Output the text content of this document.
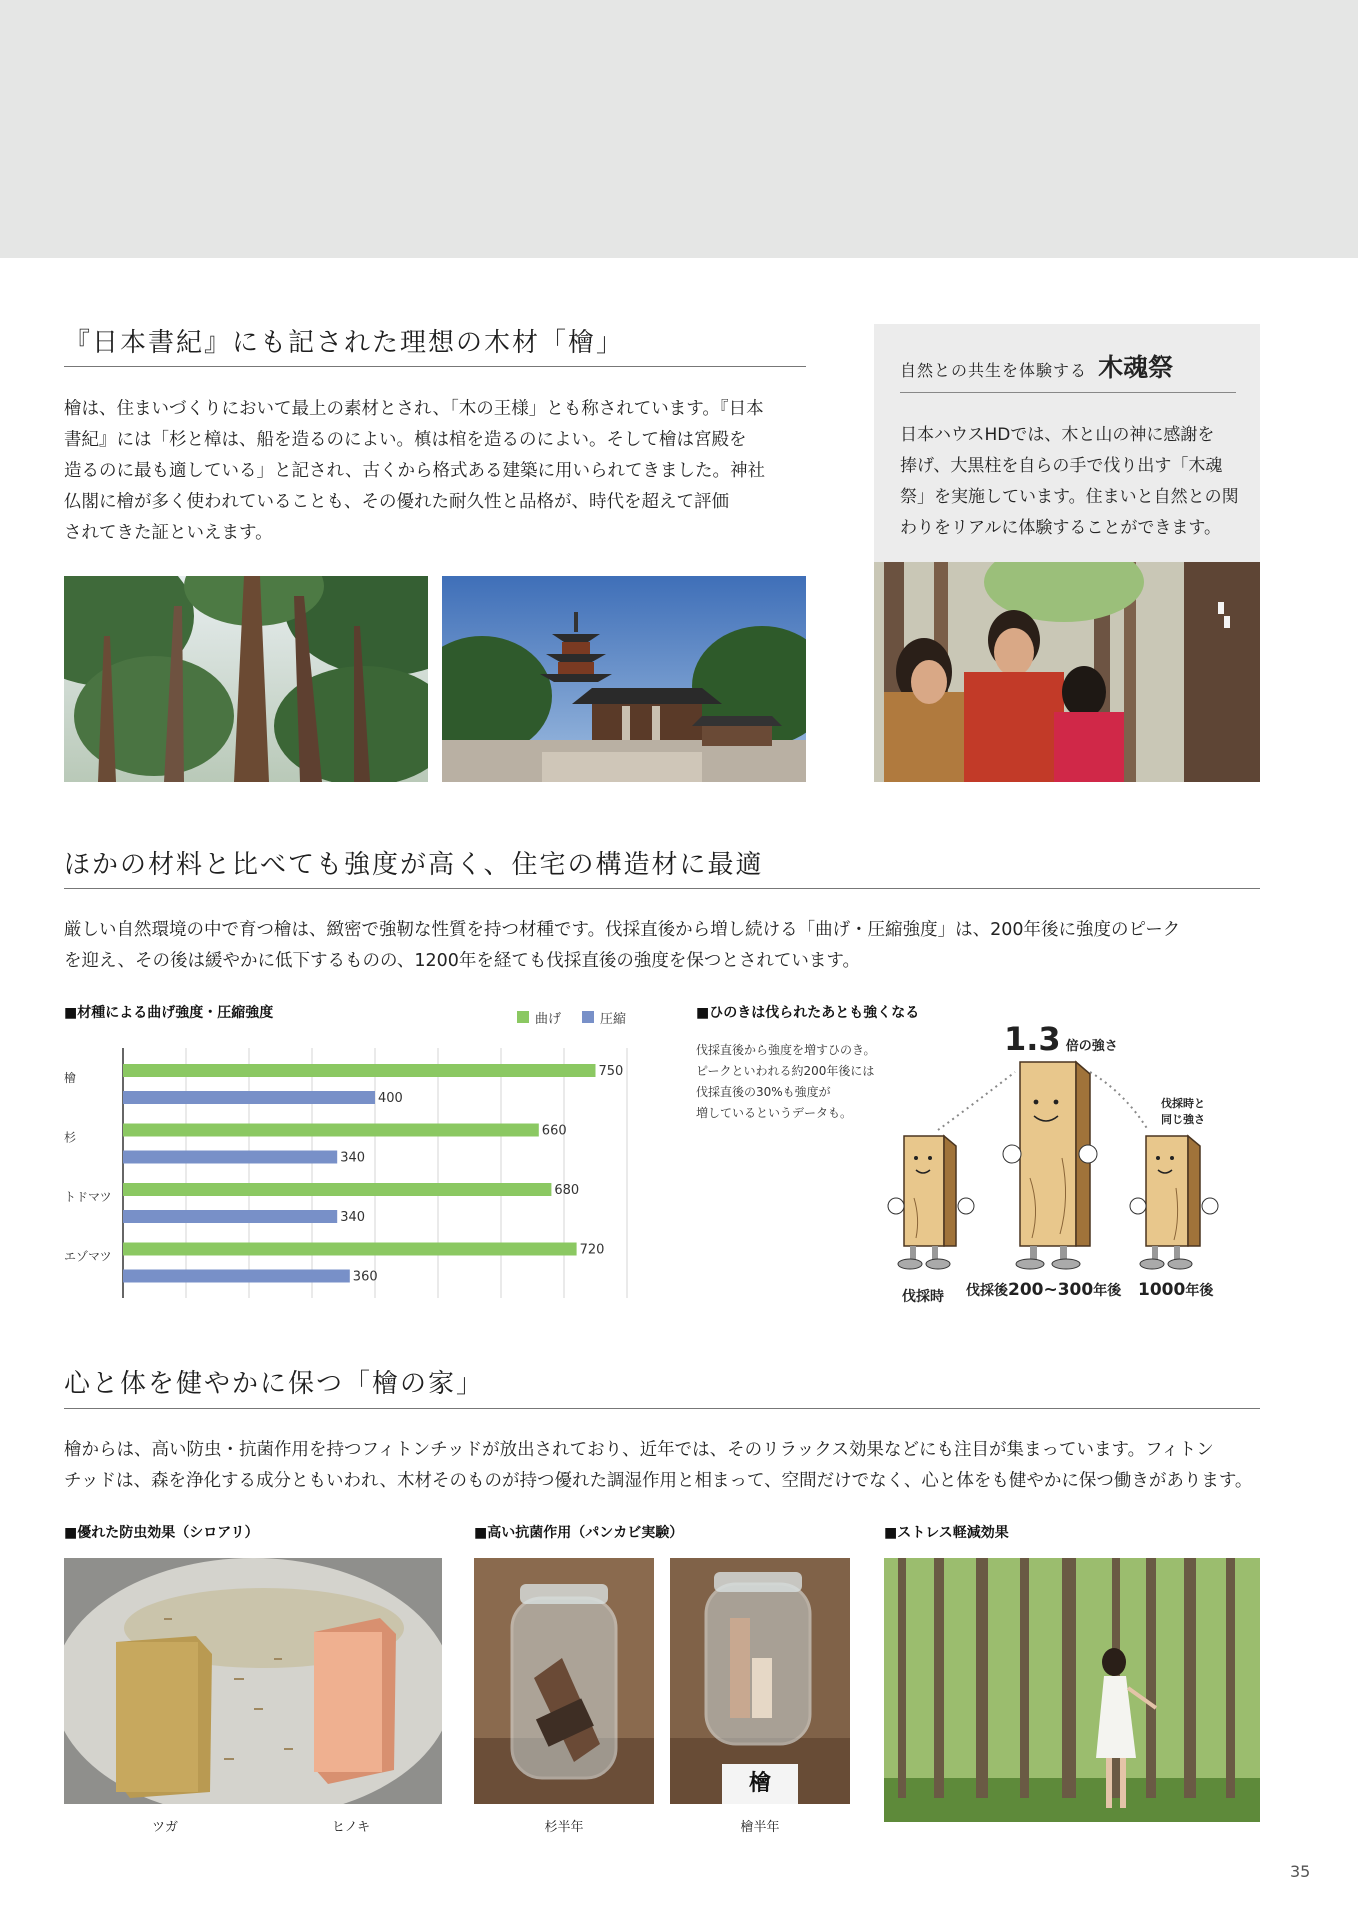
『日本書紀』にも記された理想の木材「檜」

檜は、住まいづくりにおいて最上の素材とされ、「木の王様」とも称されています。『日本

書紀』には「杉と樟は、船を造るのによい。槙は棺を造るのによい。そして檜は宮殿を

造るのに最も適している」と記され、古くから格式ある建築に用いられてきました。神社

仏閣に檜が多く使われていることも、その優れた耐久性と品格が、時代を超えて評価

されてきた証といえます。

自然との共生を体験する 木魂祭

日本ハウスHDでは、木と山の神に感謝を

捧げ、大黒柱を自らの手で伐り出す「木魂

祭」を実施しています。住まいと自然との関

わりをリアルに体験することができます。

ほかの材料と比べても強度が高く、住宅の構造材に最適

厳しい自然環境の中で育つ檜は、緻密で強靭な性質を持つ材種です。伐採直後から増し続ける「曲げ・圧縮強度」は、200年後に強度のピーク

を迎え、その後は緩やかに低下するものの、1200年を経ても伐採直後の強度を保つとされています。

■材種による曲げ強度・圧縮強度	曲げ	圧縮
檜	750
400
杉	660
340
トドマツ	680
340
エゾマツ	720
360
■ひのきは伐られたあとも強くなる

伐採直後から強度を増すひのき。

ピークといわれる約200年後には

伐採直後の30%も強度が

増しているというデータも。

1.3 倍の強さ
伐採時と
同じ強さ
伐採時 伐採後200~300年後 1000年後
心と体を健やかに保つ「檜の家」

檜からは、高い防虫・抗菌作用を持つフィトンチッドが放出されており、近年では、そのリラックス効果などにも注目が集まっています。フィトン

チッドは、森を浄化する成分ともいわれ、木材そのものが持つ優れた調湿作用と相まって、空間だけでなく、心と体をも健やかに保つ働きがあります。

■優れた防虫効果（シロアリ）	■高い抗菌作用（パンカビ実験）	■ストレス軽減効果
ツガ	ヒノキ	杉半年
檜
檜半年
35
